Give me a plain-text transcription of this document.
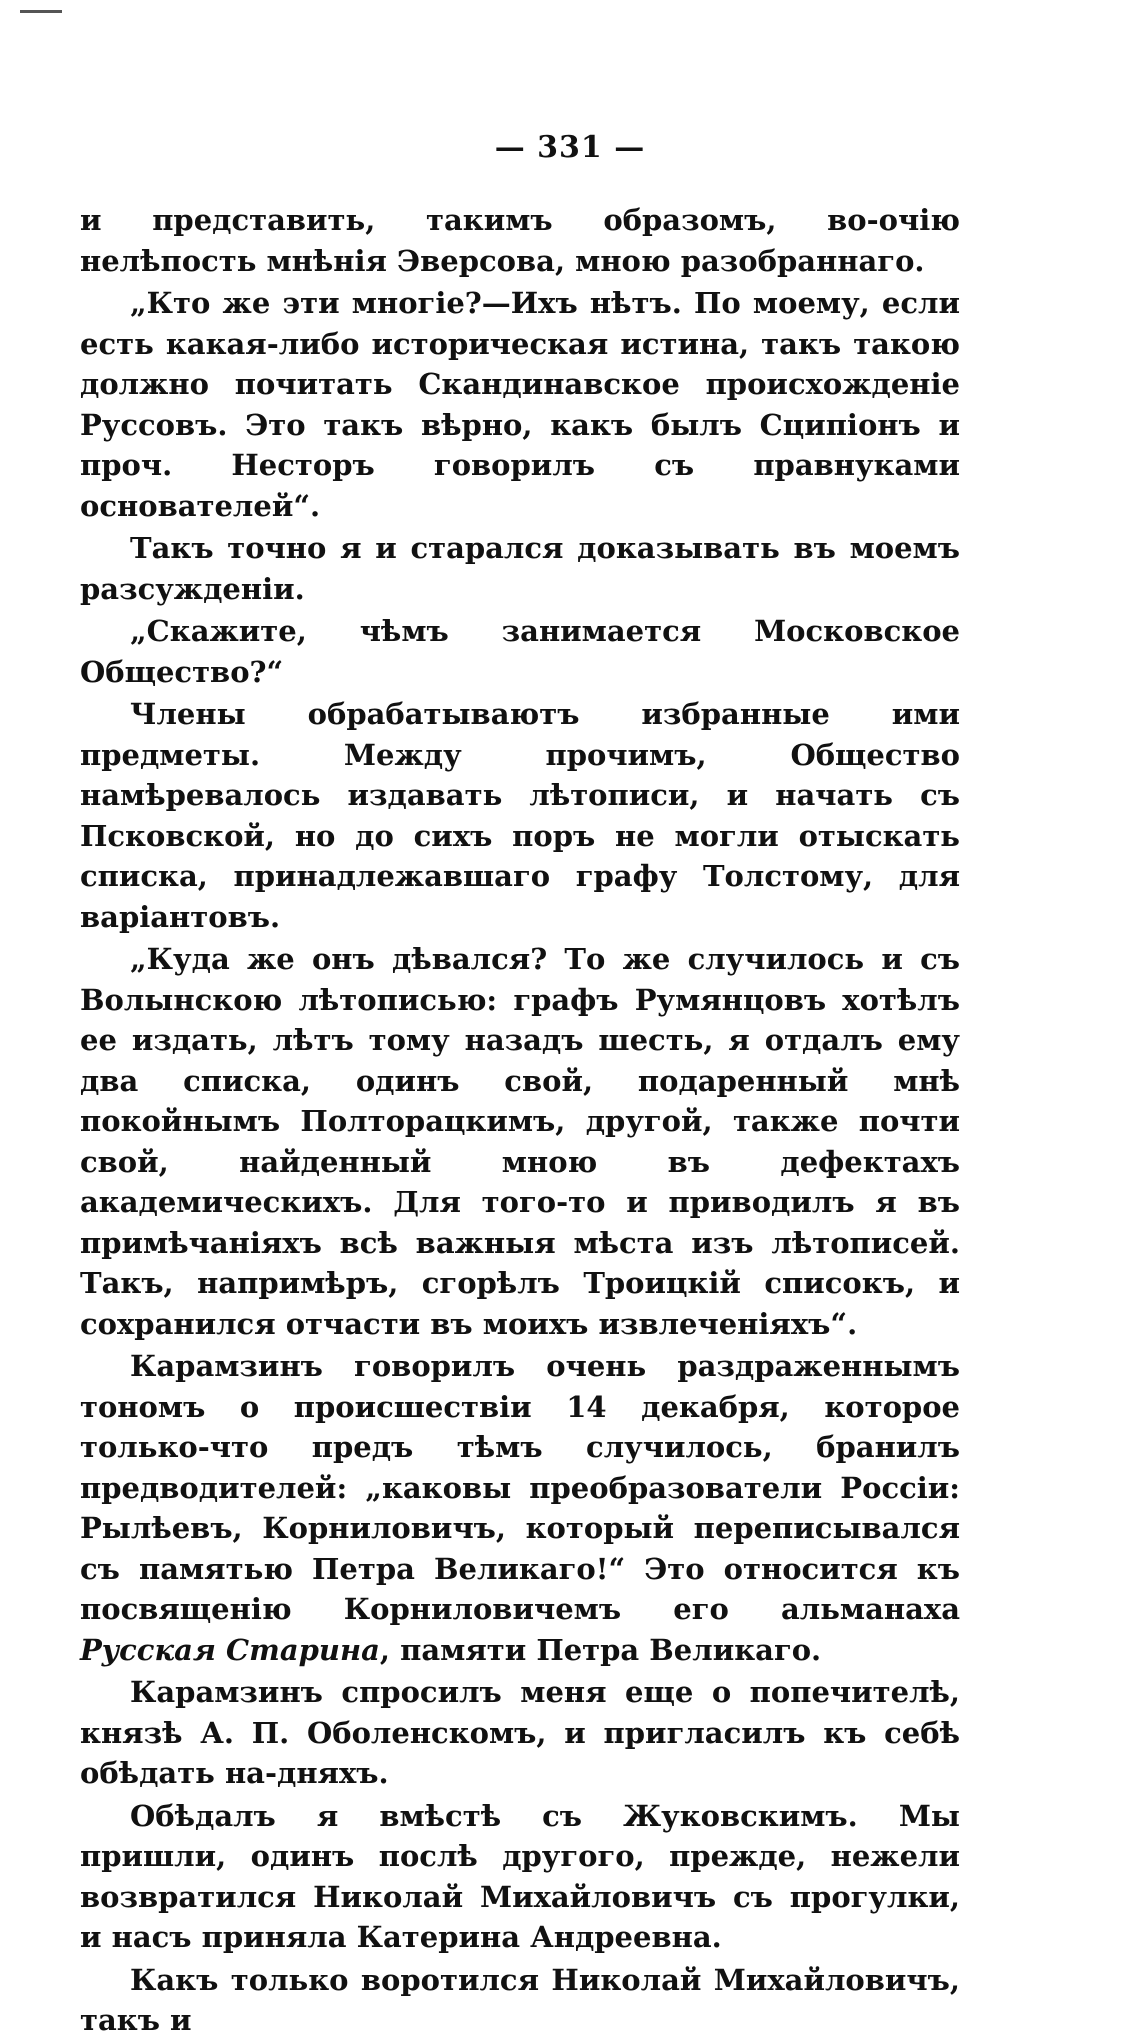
— 331 —

и представить, такимъ образомъ, во-очію нелѣпость мнѣнія Эверсова, мною разобраннаго.

„Кто же эти многіе?—Ихъ нѣтъ. По моему, если есть какая-либо историческая истина, такъ такою должно почитать Скандинавское происхожденіе Руссовъ. Это такъ вѣрно, какъ былъ Сципіонъ и проч. Несторъ говорилъ съ правнуками основателей“.

Такъ точно я и старался доказывать въ моемъ разсужденіи.

„Скажите, чѣмъ занимается Московское Общество?“

Члены обрабатываютъ избранные ими предметы. Между прочимъ, Общество намѣревалось издавать лѣтописи, и начать съ Псковской, но до сихъ поръ не могли отыскать списка, принадлежавшаго графу Толстому, для варіантовъ.

„Куда же онъ дѣвался? То же случилось и съ Волынскою лѣтописью: графъ Румянцовъ хотѣлъ ее издать, лѣтъ тому назадъ шесть, я отдалъ ему два списка, одинъ свой, подаренный мнѣ покойнымъ Полторацкимъ, другой, также почти свой, найденный мною въ дефектахъ академическихъ. Для того-то и приводилъ я въ примѣчаніяхъ всѣ важныя мѣста изъ лѣтописей. Такъ, напримѣръ, сгорѣлъ Троицкій списокъ, и сохранился отчасти въ моихъ извлеченіяхъ“.

Карамзинъ говорилъ очень раздраженнымъ тономъ о происшествіи 14 декабря, которое только-что предъ тѣмъ случилось, бранилъ предводителей: „каковы преобразователи Россіи: Рылѣевъ, Корниловичъ, который переписывался съ памятью Петра Великаго!“ Это относится къ посвященію Корниловичемъ его альманаха Русская Старина, памяти Петра Великаго.

Карамзинъ спросилъ меня еще о попечителѣ, князѣ А. П. Оболенскомъ, и пригласилъ къ себѣ обѣдать на-дняхъ.

Обѣдалъ я вмѣстѣ съ Жуковскимъ. Мы пришли, одинъ послѣ другого, прежде, нежели возвратился Николай Михайловичъ съ прогулки, и насъ приняла Катерина Андреевна.

Какъ только воротился Николай Михайловичъ, такъ и
